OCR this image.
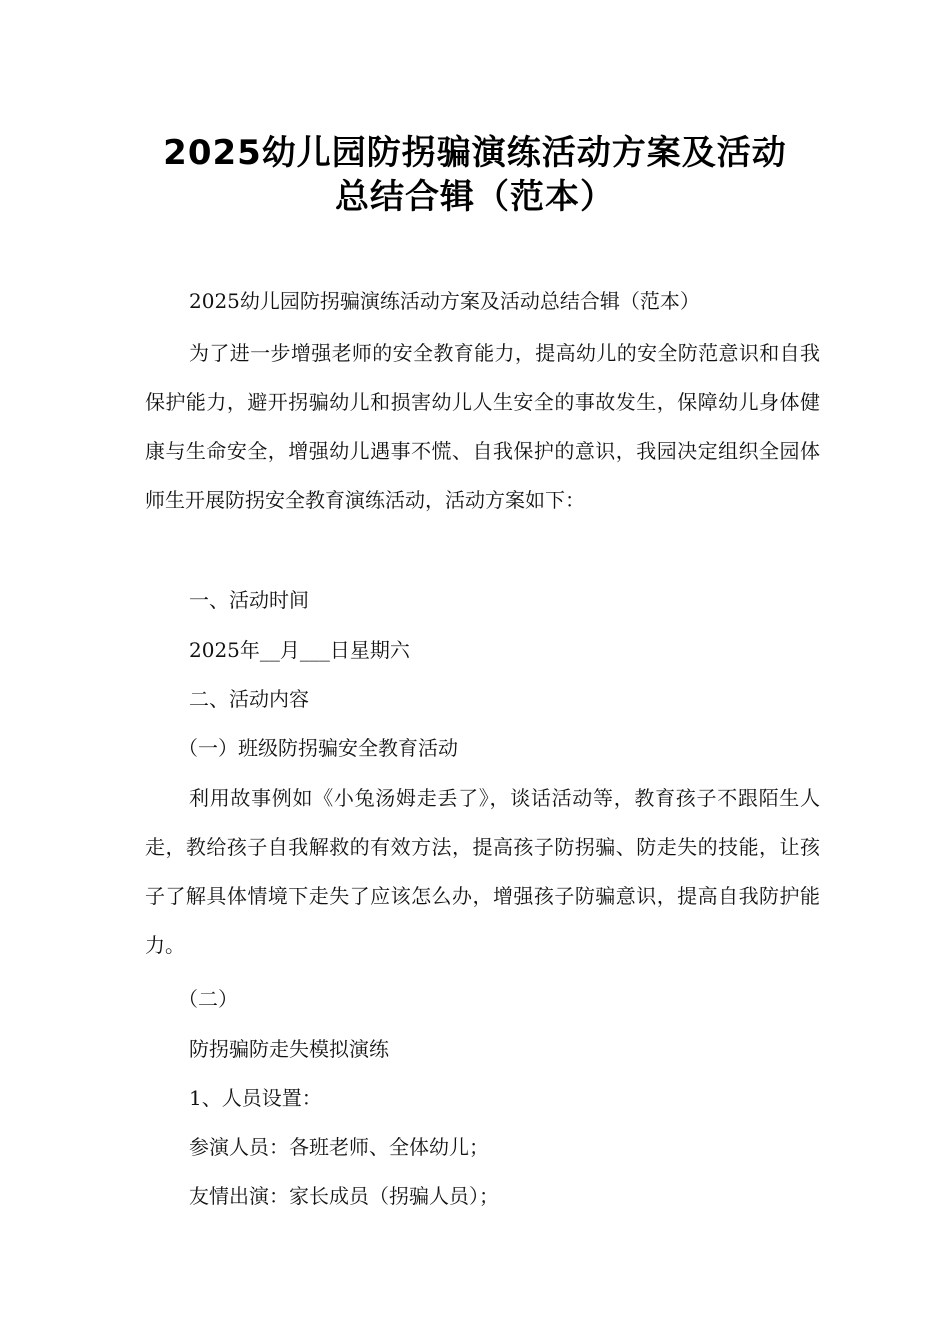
2025幼儿园防拐骗演练活动方案及活动
总结合辑（范本）
2025幼儿园防拐骗演练活动方案及活动总结合辑（范本）
为了进一步增强老师的安全教育能力，提高幼儿的安全防范意识和自我保护能力，避开拐骗幼儿和损害幼儿人生安全的事故发生，保障幼儿身体健康与生命安全，增强幼儿遇事不慌、自我保护的意识，我园决定组织全园体师生开展防拐安全教育演练活动，活动方案如下：
一、活动时间
2025年__月___日星期六
二、活动内容
（一）班级防拐骗安全教育活动
利用故事例如《小兔汤姆走丢了》，谈话活动等，教育孩子不跟陌生人走，教给孩子自我解救的有效方法，提高孩子防拐骗、防走失的技能，让孩子了解具体情境下走失了应该怎么办，增强孩子防骗意识，提高自我防护能力。
（二）
防拐骗防走失模拟演练
1、人员设置：
参演人员：各班老师、全体幼儿；
友情出演：家长成员（拐骗人员）；
